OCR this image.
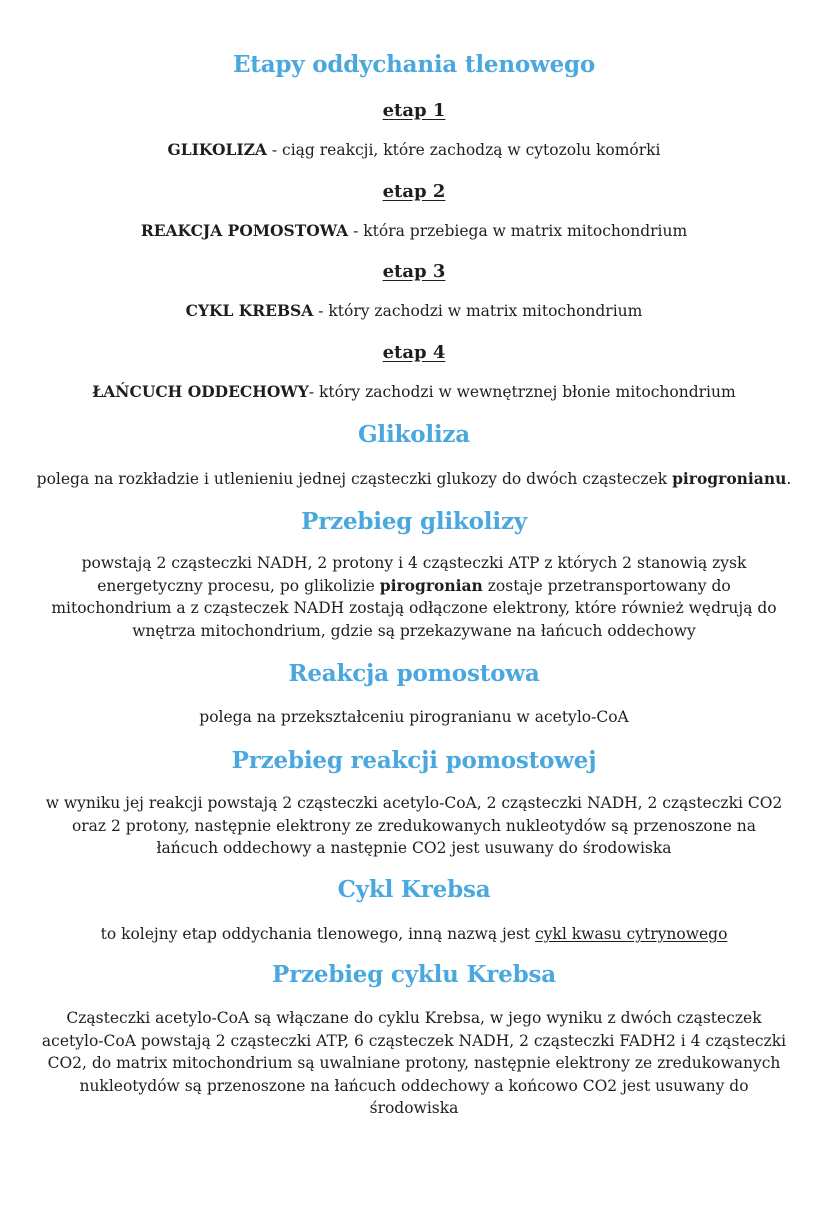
Etapy oddychania tlenowego
etap 1
GLIKOLIZA - ciąg reakcji, które zachodzą w cytozolu komórki
etap 2
REAKCJA POMOSTOWA - która przebiega w matrix mitochondrium
etap 3
CYKL KREBSA - który zachodzi w matrix mitochondrium
etap 4
ŁAŃCUCH ODDECHOWY- który zachodzi w wewnętrznej błonie mitochondrium
Glikoliza
polega na rozkładzie i utlenieniu jednej cząsteczki glukozy do dwóch cząsteczek pirogronianu.
Przebieg glikolizy
powstają 2 cząsteczki NADH, 2 protony i 4 cząsteczki ATP z których 2 stanowią zysk energetyczny procesu, po glikolizie pirogronian zostaje przetransportowany do mitochondrium a z cząsteczek NADH zostają odłączone elektrony, które również wędrują do wnętrza mitochondrium, gdzie są przekazywane na łańcuch oddechowy
Reakcja pomostowa
polega na przekształceniu pirogranianu w acetylo-CoA
Przebieg reakcji pomostowej
w wyniku jej reakcji powstają 2 cząsteczki acetylo-CoA, 2 cząsteczki NADH, 2 cząsteczki CO2 oraz 2 protony, następnie elektrony ze zredukowanych nukleotydów są przenoszone na łańcuch oddechowy a następnie CO2 jest usuwany do środowiska
Cykl Krebsa
to kolejny etap oddychania tlenowego, inną nazwą jest cykl kwasu cytrynowego
Przebieg cyklu Krebsa
Cząsteczki acetylo-CoA są włączane do cyklu Krebsa, w jego wyniku z dwóch cząsteczek acetylo-CoA powstają 2 cząsteczki ATP, 6 cząsteczek NADH, 2 cząsteczki FADH2 i 4 cząsteczki CO2, do matrix mitochondrium są uwalniane protony, następnie elektrony ze zredukowanych nukleotydów są przenoszone na łańcuch oddechowy a końcowo CO2 jest usuwany do środowiska
